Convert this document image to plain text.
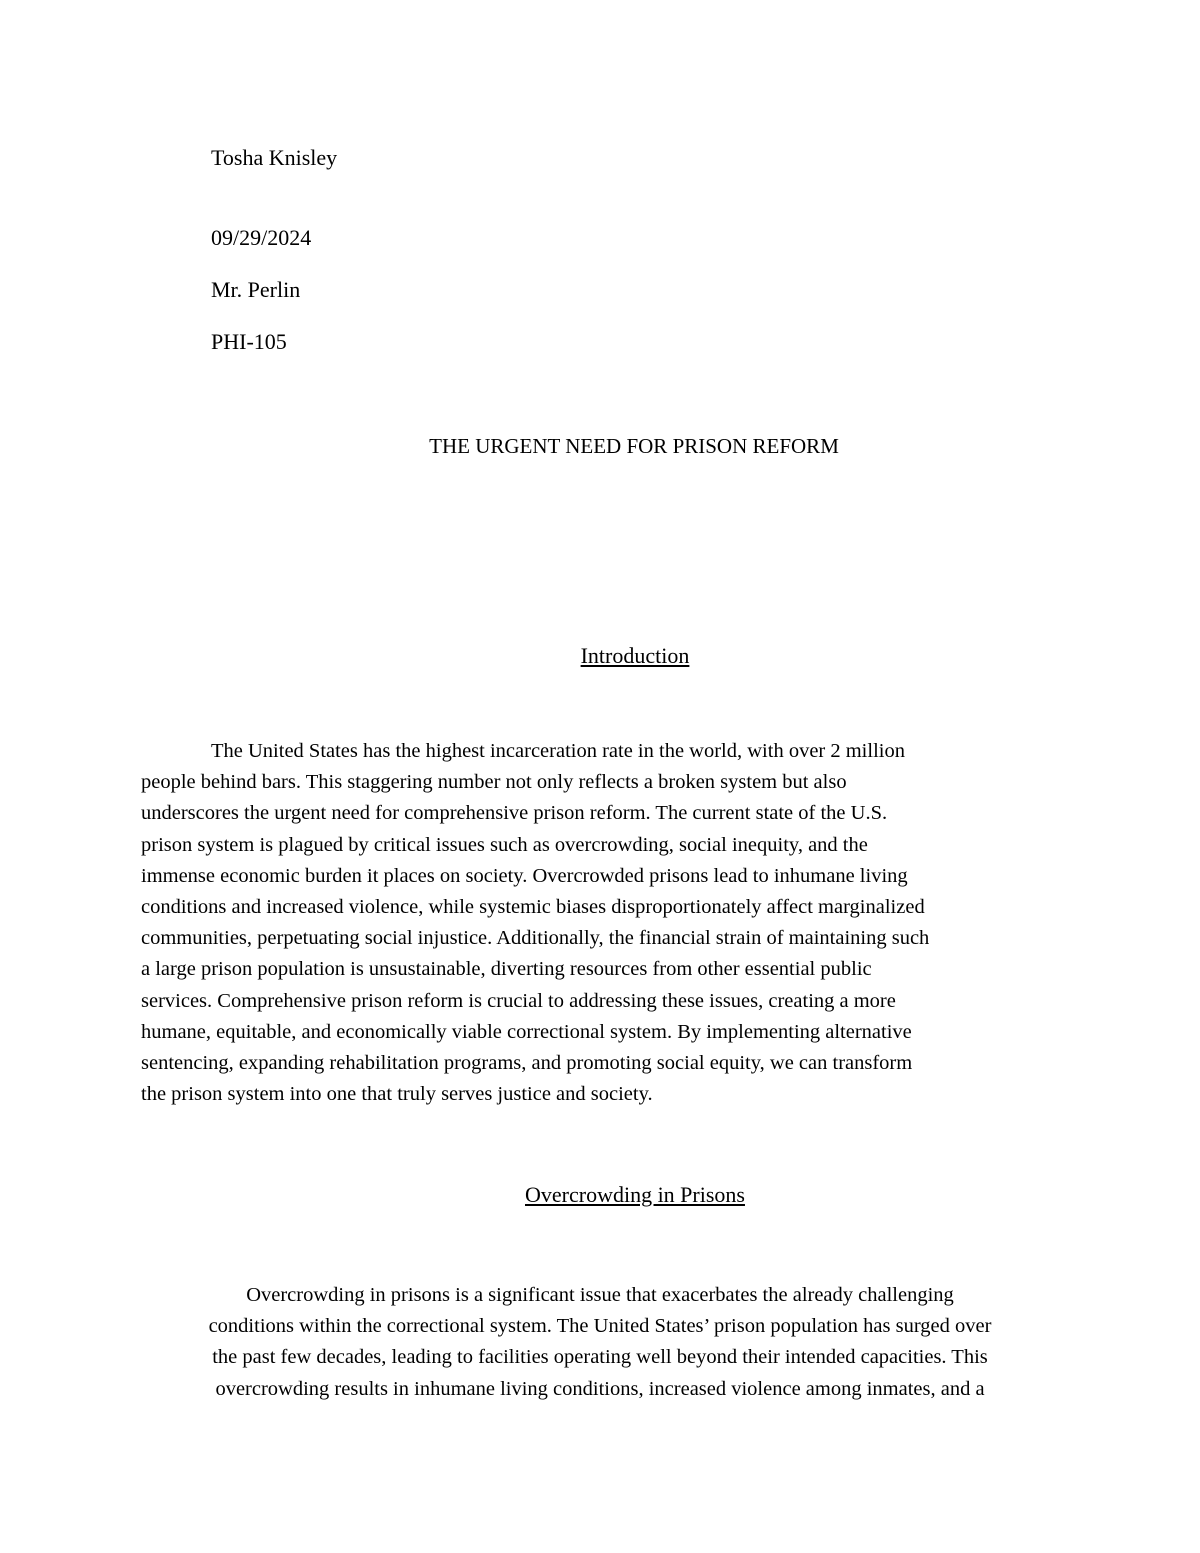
Tosha Knisley
09/29/2024
Mr. Perlin
PHI-105
THE URGENT NEED FOR PRISON REFORM
Introduction
The United States has the highest incarceration rate in the world, with over 2 million
people behind bars. This staggering number not only reflects a broken system but also
underscores the urgent need for comprehensive prison reform. The current state of the U.S.
prison system is plagued by critical issues such as overcrowding, social inequity, and the
immense economic burden it places on society. Overcrowded prisons lead to inhumane living
conditions and increased violence, while systemic biases disproportionately affect marginalized
communities, perpetuating social injustice. Additionally, the financial strain of maintaining such
a large prison population is unsustainable, diverting resources from other essential public
services. Comprehensive prison reform is crucial to addressing these issues, creating a more
humane, equitable, and economically viable correctional system. By implementing alternative
sentencing, expanding rehabilitation programs, and promoting social equity, we can transform
the prison system into one that truly serves justice and society.
Overcrowding in Prisons
Overcrowding in prisons is a significant issue that exacerbates the already challenging
conditions within the correctional system. The United States’ prison population has surged over
the past few decades, leading to facilities operating well beyond their intended capacities. This
overcrowding results in inhumane living conditions, increased violence among inmates, and a
